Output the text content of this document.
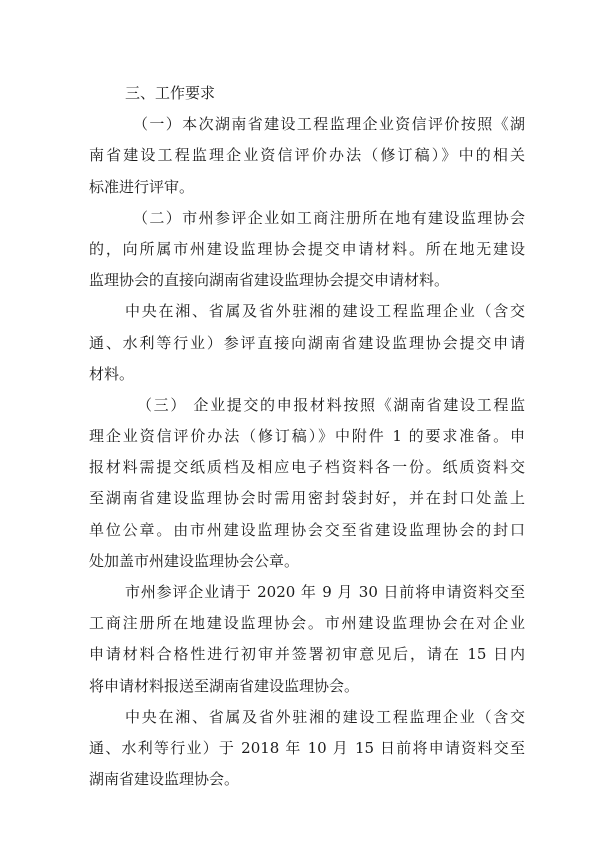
三、工作要求
（一）本次湖南省建设工程监理企业资信评价按照《湖
南省建设工程监理企业资信评价办法（修订稿）》中的相关
标准进行评审。
（二）市州参评企业如工商注册所在地有建设监理协会
的，向所属市州建设监理协会提交申请材料。所在地无建设
监理协会的直接向湖南省建设监理协会提交申请材料。
中央在湘、省属及省外驻湘的建设工程监理企业（含交
通、水利等行业）参评直接向湖南省建设监理协会提交申请
材料。
（三） 企业提交的申报材料按照《湖南省建设工程监
理企业资信评价办法（修订稿）》中附件 1 的要求准备。申
报材料需提交纸质档及相应电子档资料各一份。纸质资料交
至湖南省建设监理协会时需用密封袋封好，并在封口处盖上
单位公章。由市州建设监理协会交至省建设监理协会的封口
处加盖市州建设监理协会公章。
市州参评企业请于 2020 年 9 月 30 日前将申请资料交至
工商注册所在地建设监理协会。市州建设监理协会在对企业
申请材料合格性进行初审并签署初审意见后，请在 15 日内
将申请材料报送至湖南省建设监理协会。
中央在湘、省属及省外驻湘的建设工程监理企业（含交
通、水利等行业）于 2018 年 10 月 15 日前将申请资料交至
湖南省建设监理协会。
